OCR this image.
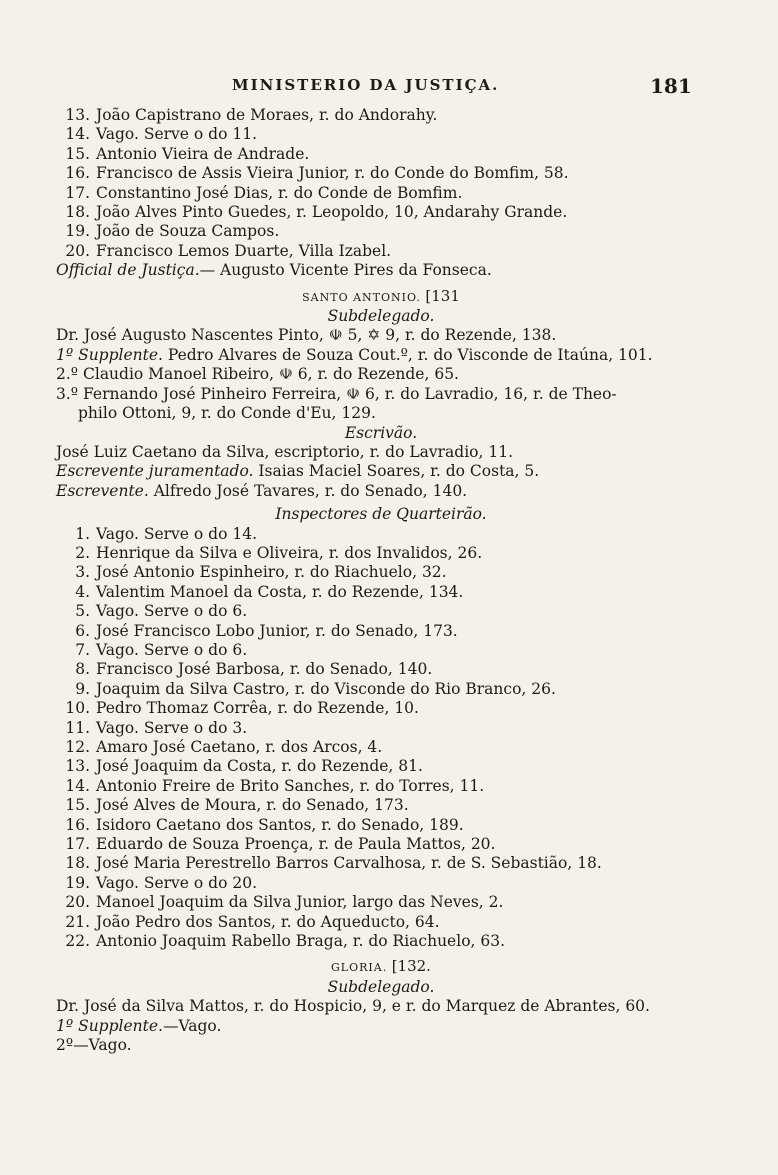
MINISTERIO DA JUSTIÇA.	181
13. João Capistrano de Moraes, r. do Andorahy.
14. Vago. Serve o do 11.
15. Antonio Vieira de Andrade.
16. Francisco de Assis Vieira Junior, r. do Conde do Bomfim, 58.
17. Constantino José Dias, r. do Conde de Bomfim.
18. João Alves Pinto Guedes, r. Leopoldo, 10, Andarahy Grande.
19. João de Souza Campos.
20. Francisco Lemos Duarte, Villa Izabel.
Official de Justiça.— Augusto Vicente Pires da Fonseca.
SANTO ANTONIO. [131
Subdelegado.
Dr. José Augusto Nascentes Pinto, ☫ 5, ✡ 9, r. do Rezende, 138.
1º Supplente. Pedro Alvares de Souza Cout.º, r. do Visconde de Itaúna, 101.
2.º Claudio Manoel Ribeiro, ☫ 6, r. do Rezende, 65.
3.º Fernando José Pinheiro Ferreira, ☫ 6, r. do Lavradio, 16, r. de Theo-
philo Ottoni, 9, r. do Conde d'Eu, 129.
Escrivão.
José Luiz Caetano da Silva, escriptorio, r. do Lavradio, 11.
Escrevente juramentado. Isaias Maciel Soares, r. do Costa, 5.
Escrevente. Alfredo José Tavares, r. do Senado, 140.
Inspectores de Quarteirão.
1. Vago. Serve o do 14.
2. Henrique da Silva e Oliveira, r. dos Invalidos, 26.
3. José Antonio Espinheiro, r. do Riachuelo, 32.
4. Valentim Manoel da Costa, r. do Rezende, 134.
5. Vago. Serve o do 6.
6. José Francisco Lobo Junior, r. do Senado, 173.
7. Vago. Serve o do 6.
8. Francisco José Barbosa, r. do Senado, 140.
9. Joaquim da Silva Castro, r. do Visconde do Rio Branco, 26.
10. Pedro Thomaz Corrêa, r. do Rezende, 10.
11. Vago. Serve o do 3.
12. Amaro José Caetano, r. dos Arcos, 4.
13. José Joaquim da Costa, r. do Rezende, 81.
14. Antonio Freire de Brito Sanches, r. do Torres, 11.
15. José Alves de Moura, r. do Senado, 173.
16. Isidoro Caetano dos Santos, r. do Senado, 189.
17. Eduardo de Souza Proença, r. de Paula Mattos, 20.
18. José Maria Perestrello Barros Carvalhosa, r. de S. Sebastião, 18.
19. Vago. Serve o do 20.
20. Manoel Joaquim da Silva Junior, largo das Neves, 2.
21. João Pedro dos Santos, r. do Aqueducto, 64.
22. Antonio Joaquim Rabello Braga, r. do Riachuelo, 63.
GLORIA. [132.
Subdelegado.
Dr. José da Silva Mattos, r. do Hospicio, 9, e r. do Marquez de Abrantes, 60.
1º Supplente.—Vago.
2º—Vago.
